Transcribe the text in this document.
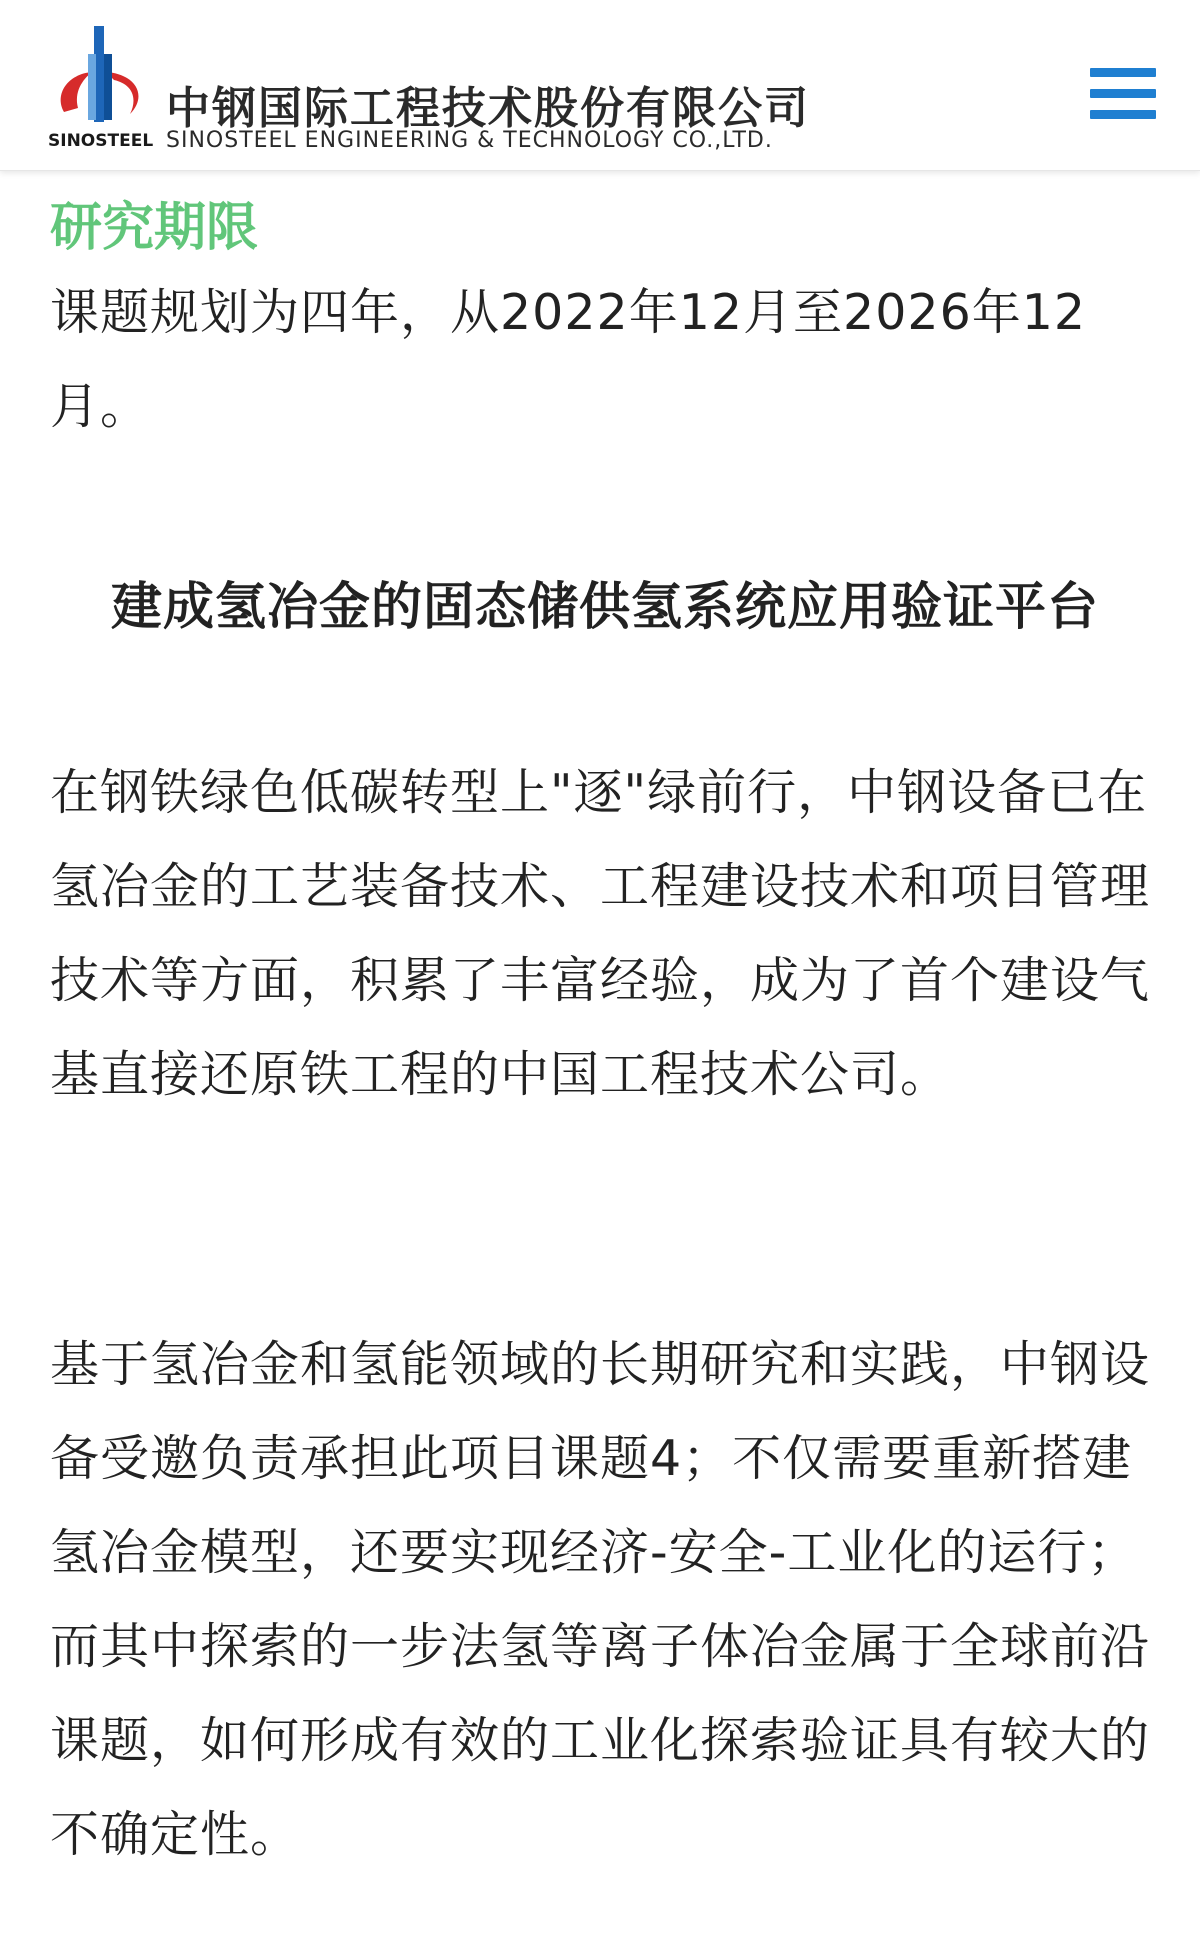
SINOSTEEL
中钢国际工程技术股份有限公司
SINOSTEEL ENGINEERING & TECHNOLOGY CO.,LTD.

研究期限

课题规划为四年，从2022年12月至2026年12月。

建成氢冶金的固态储供氢系统应用验证平台

在钢铁绿色低碳转型上"逐"绿前行，中钢设备已在氢冶金的工艺装备技术、工程建设技术和项目管理技术等方面，积累了丰富经验，成为了首个建设气基直接还原铁工程的中国工程技术公司。

基于氢冶金和氢能领域的长期研究和实践，中钢设备受邀负责承担此项目课题4；不仅需要重新搭建氢冶金模型，还要实现经济-安全-工业化的运行；而其中探索的一步法氢等离子体冶金属于全球前沿课题，如何形成有效的工业化探索验证具有较大的不确定性。
